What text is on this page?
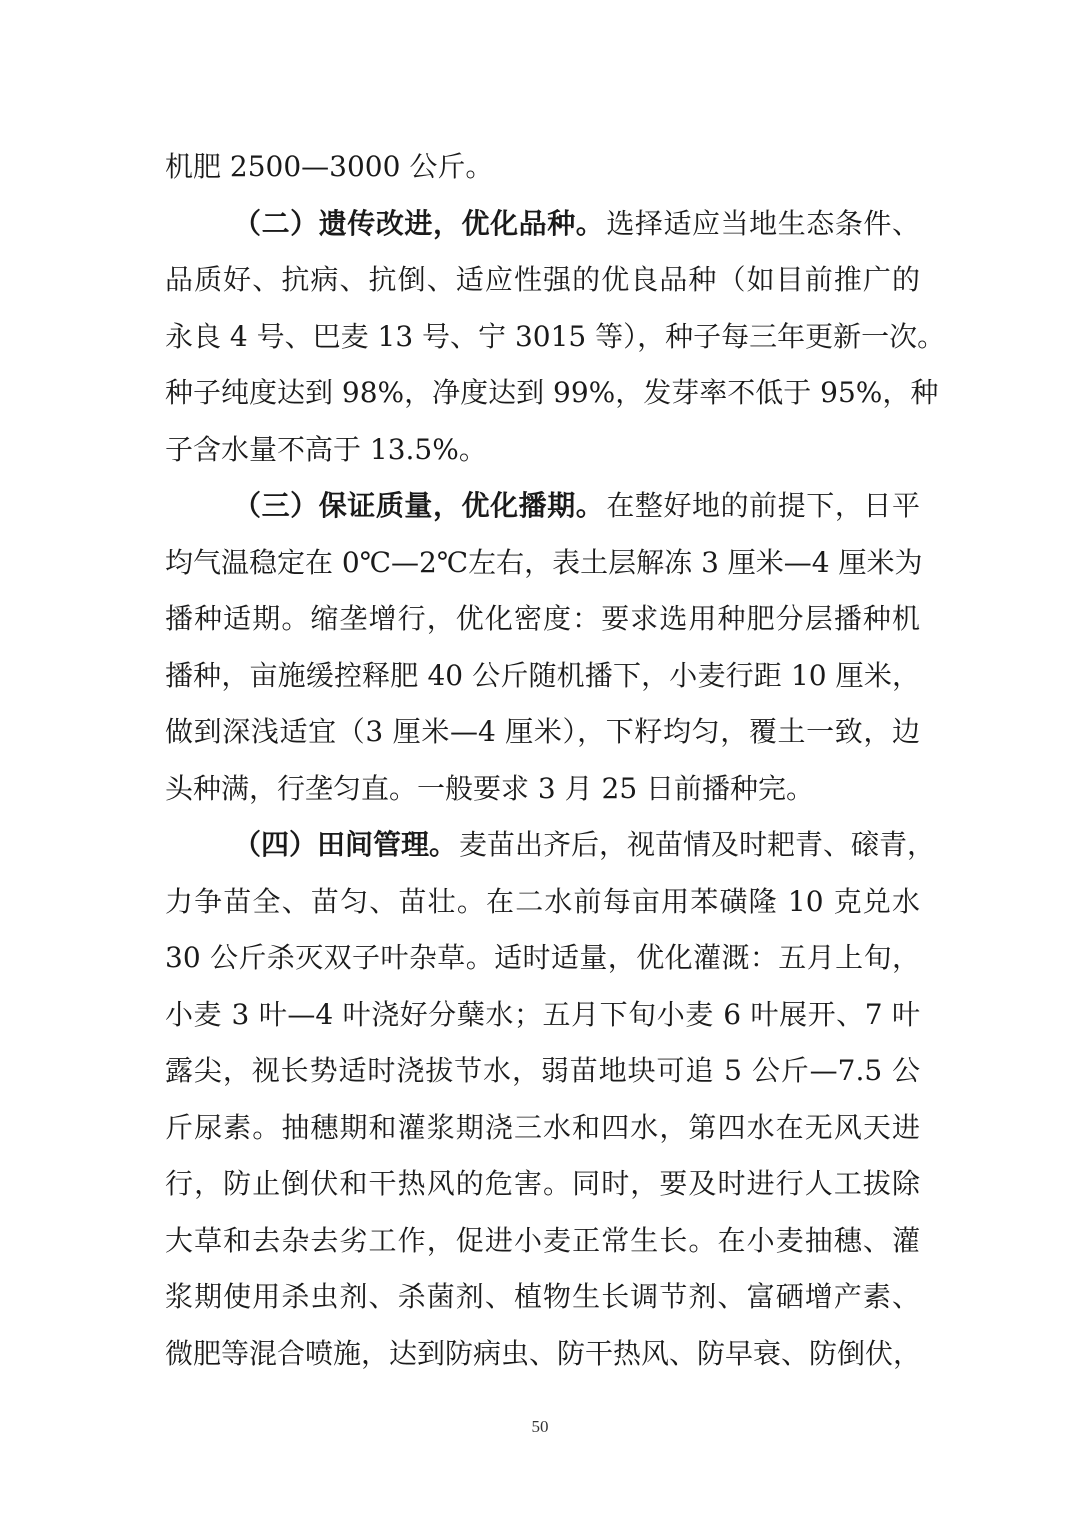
机肥 2500—3000 公斤。
（二）遗传改进，优化品种。选择适应当地生态条件、
品质好、抗病、抗倒、适应性强的优良品种（如目前推广的
永良 4 号、巴麦 13 号、宁 3015 等），种子每三年更新一次。
种子纯度达到 98%，净度达到 99%，发芽率不低于 95%，种
子含水量不高于 13.5%。
（三）保证质量，优化播期。在整好地的前提下，日平
均气温稳定在 0℃—2℃左右，表土层解冻 3 厘米—4 厘米为
播种适期。缩垄增行，优化密度：要求选用种肥分层播种机
播种，亩施缓控释肥 40 公斤随机播下，小麦行距 10 厘米，
做到深浅适宜（3 厘米—4 厘米），下籽均匀，覆土一致，边
头种满，行垄匀直。一般要求 3 月 25 日前播种完。
（四）田间管理。麦苗出齐后，视苗情及时耙青、磙青，
力争苗全、苗匀、苗壮。在二水前每亩用苯磺隆 10 克兑水
30 公斤杀灭双子叶杂草。适时适量，优化灌溉：五月上旬，
小麦 3 叶—4 叶浇好分蘖水；五月下旬小麦 6 叶展开、7 叶
露尖，视长势适时浇拔节水，弱苗地块可追 5 公斤—7.5 公
斤尿素。抽穗期和灌浆期浇三水和四水，第四水在无风天进
行，防止倒伏和干热风的危害。同时，要及时进行人工拔除
大草和去杂去劣工作，促进小麦正常生长。在小麦抽穗、灌
浆期使用杀虫剂、杀菌剂、植物生长调节剂、富硒增产素、
微肥等混合喷施，达到防病虫、防干热风、防早衰、防倒伏，
50
